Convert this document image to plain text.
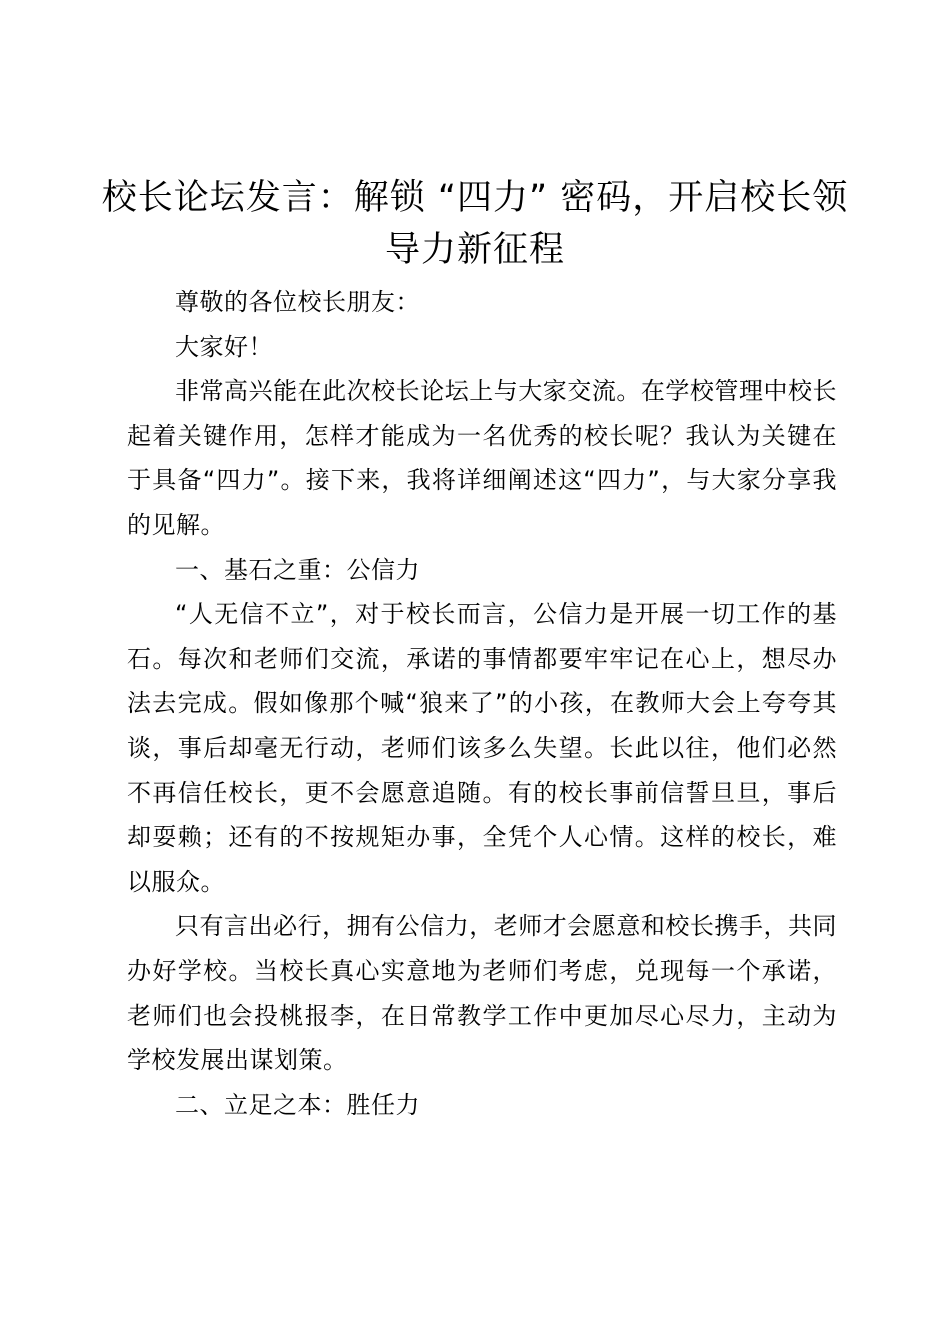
校长论坛发言：解锁 “四力” 密码，开启校长领导力新征程

尊敬的各位校长朋友：

大家好！

非常高兴能在此次校长论坛上与大家交流。在学校管理中校长起着关键作用，怎样才能成为一名优秀的校长呢？我认为关键在于具备“四力”。接下来，我将详细阐述这“四力”，与大家分享我的见解。

一、基石之重：公信力

“人无信不立”，对于校长而言，公信力是开展一切工作的基石。每次和老师们交流，承诺的事情都要牢牢记在心上，想尽办法去完成。假如像那个喊“狼来了”的小孩，在教师大会上夸夸其谈，事后却毫无行动，老师们该多么失望。长此以往，他们必然不再信任校长，更不会愿意追随。有的校长事前信誓旦旦，事后却耍赖；还有的不按规矩办事，全凭个人心情。这样的校长，难以服众。

只有言出必行，拥有公信力，老师才会愿意和校长携手，共同办好学校。当校长真心实意地为老师们考虑，兑现每一个承诺，老师们也会投桃报李，在日常教学工作中更加尽心尽力，主动为学校发展出谋划策。

二、立足之本：胜任力
